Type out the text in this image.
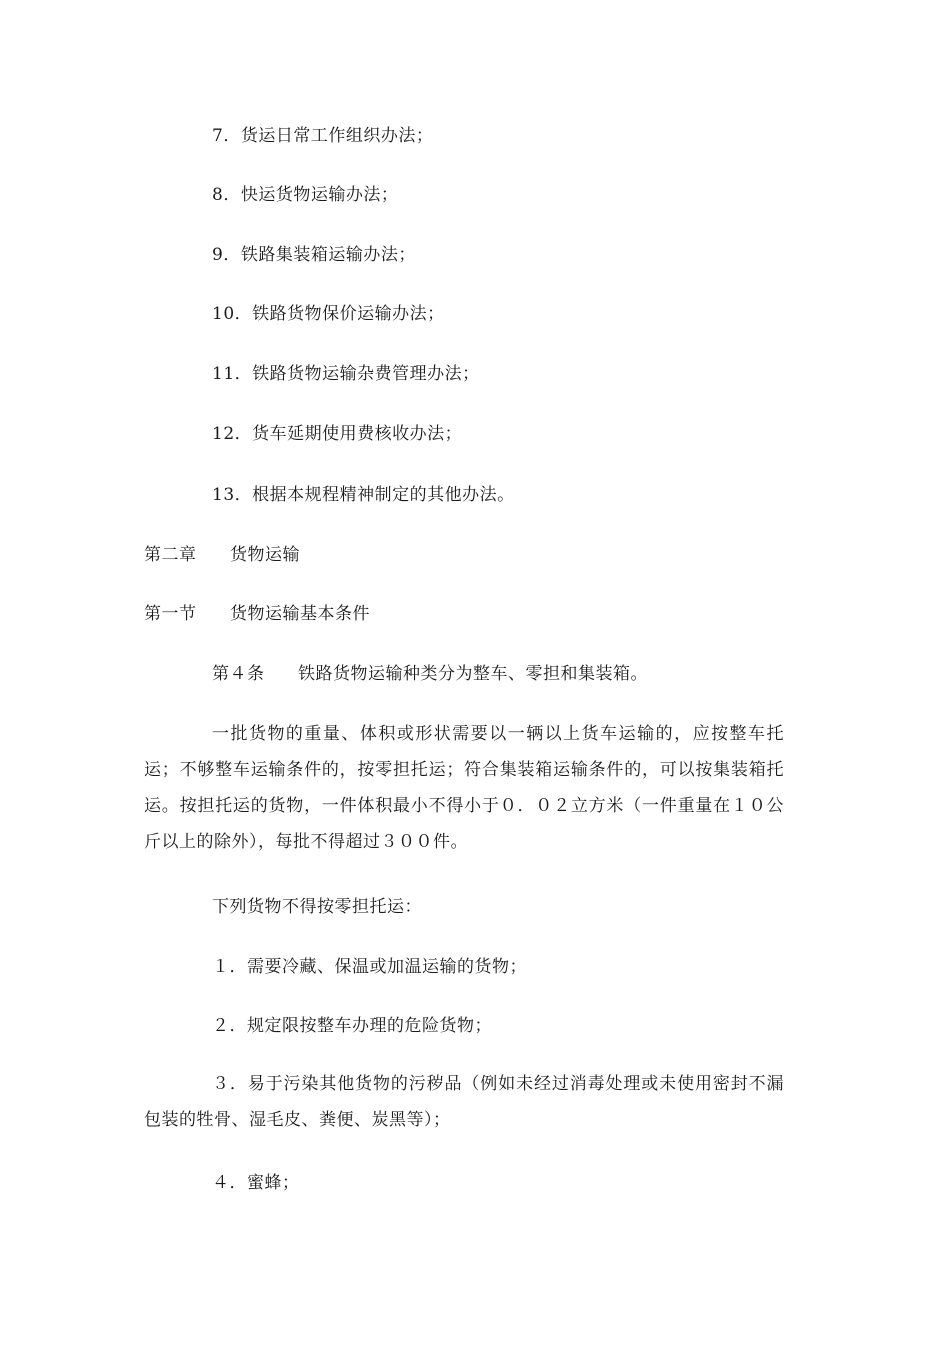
7．货运日常工作组织办法；
8．快运货物运输办法；
9．铁路集装箱运输办法；
10．铁路货物保价运输办法；
11．铁路货物运输杂费管理办法；
12．货车延期使用费核收办法；
13．根据本规程精神制定的其他办法。
第二章 货物运输
第一节 货物运输基本条件
第４条 铁路货物运输种类分为整车、零担和集装箱。
一批货物的重量、体积或形状需要以一辆以上货车运输的，应按整车托运；不够整车运输条件的，按零担托运；符合集装箱运输条件的，可以按集装箱托运。按担托运的货物，一件体积最小不得小于０．０２立方米（一件重量在１０公斤以上的除外），每批不得超过３００件。
下列货物不得按零担托运：
１．需要冷藏、保温或加温运输的货物；
２．规定限按整车办理的危险货物；
３．易于污染其他货物的污秽品（例如未经过消毒处理或未使用密封不漏包装的牲骨、湿毛皮、粪便、炭黑等）；
４．蜜蜂；
